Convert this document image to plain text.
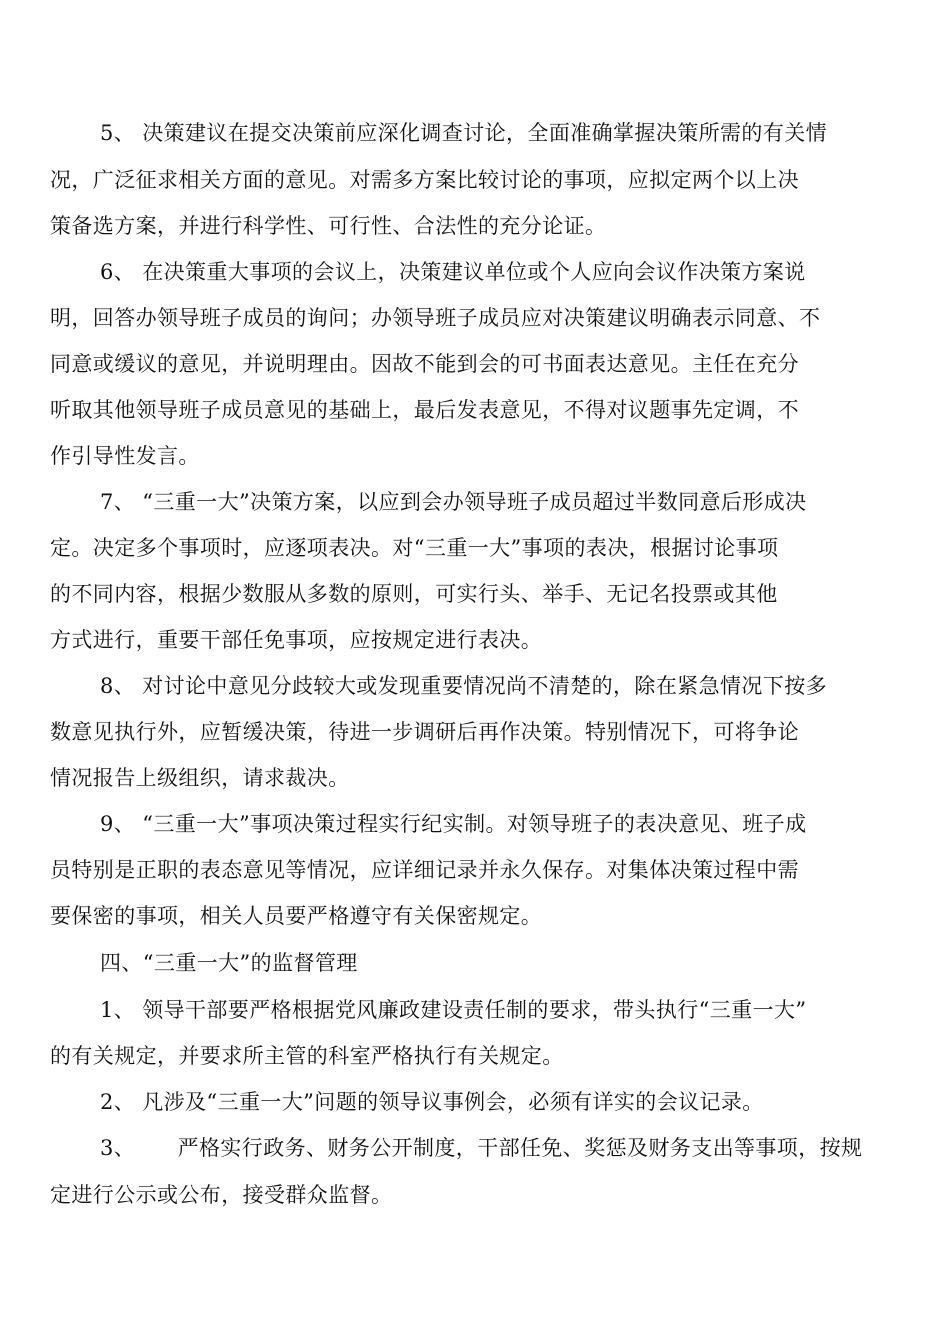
5、 决策建议在提交决策前应深化调查讨论，全面准确掌握决策所需的有关情
况，广泛征求相关方面的意见。对需多方案比较讨论的事项，应拟定两个以上决
策备选方案，并进行科学性、可行性、合法性的充分论证。
6、 在决策重大事项的会议上，决策建议单位或个人应向会议作决策方案说
明，回答办领导班子成员的询问；办领导班子成员应对决策建议明确表示同意、不
同意或缓议的意见，并说明理由。因故不能到会的可书面表达意见。主任在充分
听取其他领导班子成员意见的基础上，最后发表意见，不得对议题事先定调，不
作引导性发言。
7、 “三重一大”决策方案，以应到会办领导班子成员超过半数同意后形成决
定。决定多个事项时，应逐项表决。对“三重一大”事项的表决，根据讨论事项
的不同内容，根据少数服从多数的原则，可实行头、举手、无记名投票或其他
方式进行，重要干部任免事项，应按规定进行表决。
8、 对讨论中意见分歧较大或发现重要情况尚不清楚的，除在紧急情况下按多
数意见执行外，应暂缓决策，待进一步调研后再作决策。特别情况下，可将争论
情况报告上级组织，请求裁决。
9、 “三重一大”事项决策过程实行纪实制。对领导班子的表决意见、班子成
员特别是正职的表态意见等情况，应详细记录并永久保存。对集体决策过程中需
要保密的事项，相关人员要严格遵守有关保密规定。
四、“三重一大”的监督管理
1、 领导干部要严格根据党风廉政建设责任制的要求，带头执行“三重一大”
的有关规定，并要求所主管的科室严格执行有关规定。
2、 凡涉及“三重一大”问题的领导议事例会，必须有详实的会议记录。
3、      严格实行政务、财务公开制度，干部任免、奖惩及财务支出等事项，按规
定进行公示或公布，接受群众监督。
